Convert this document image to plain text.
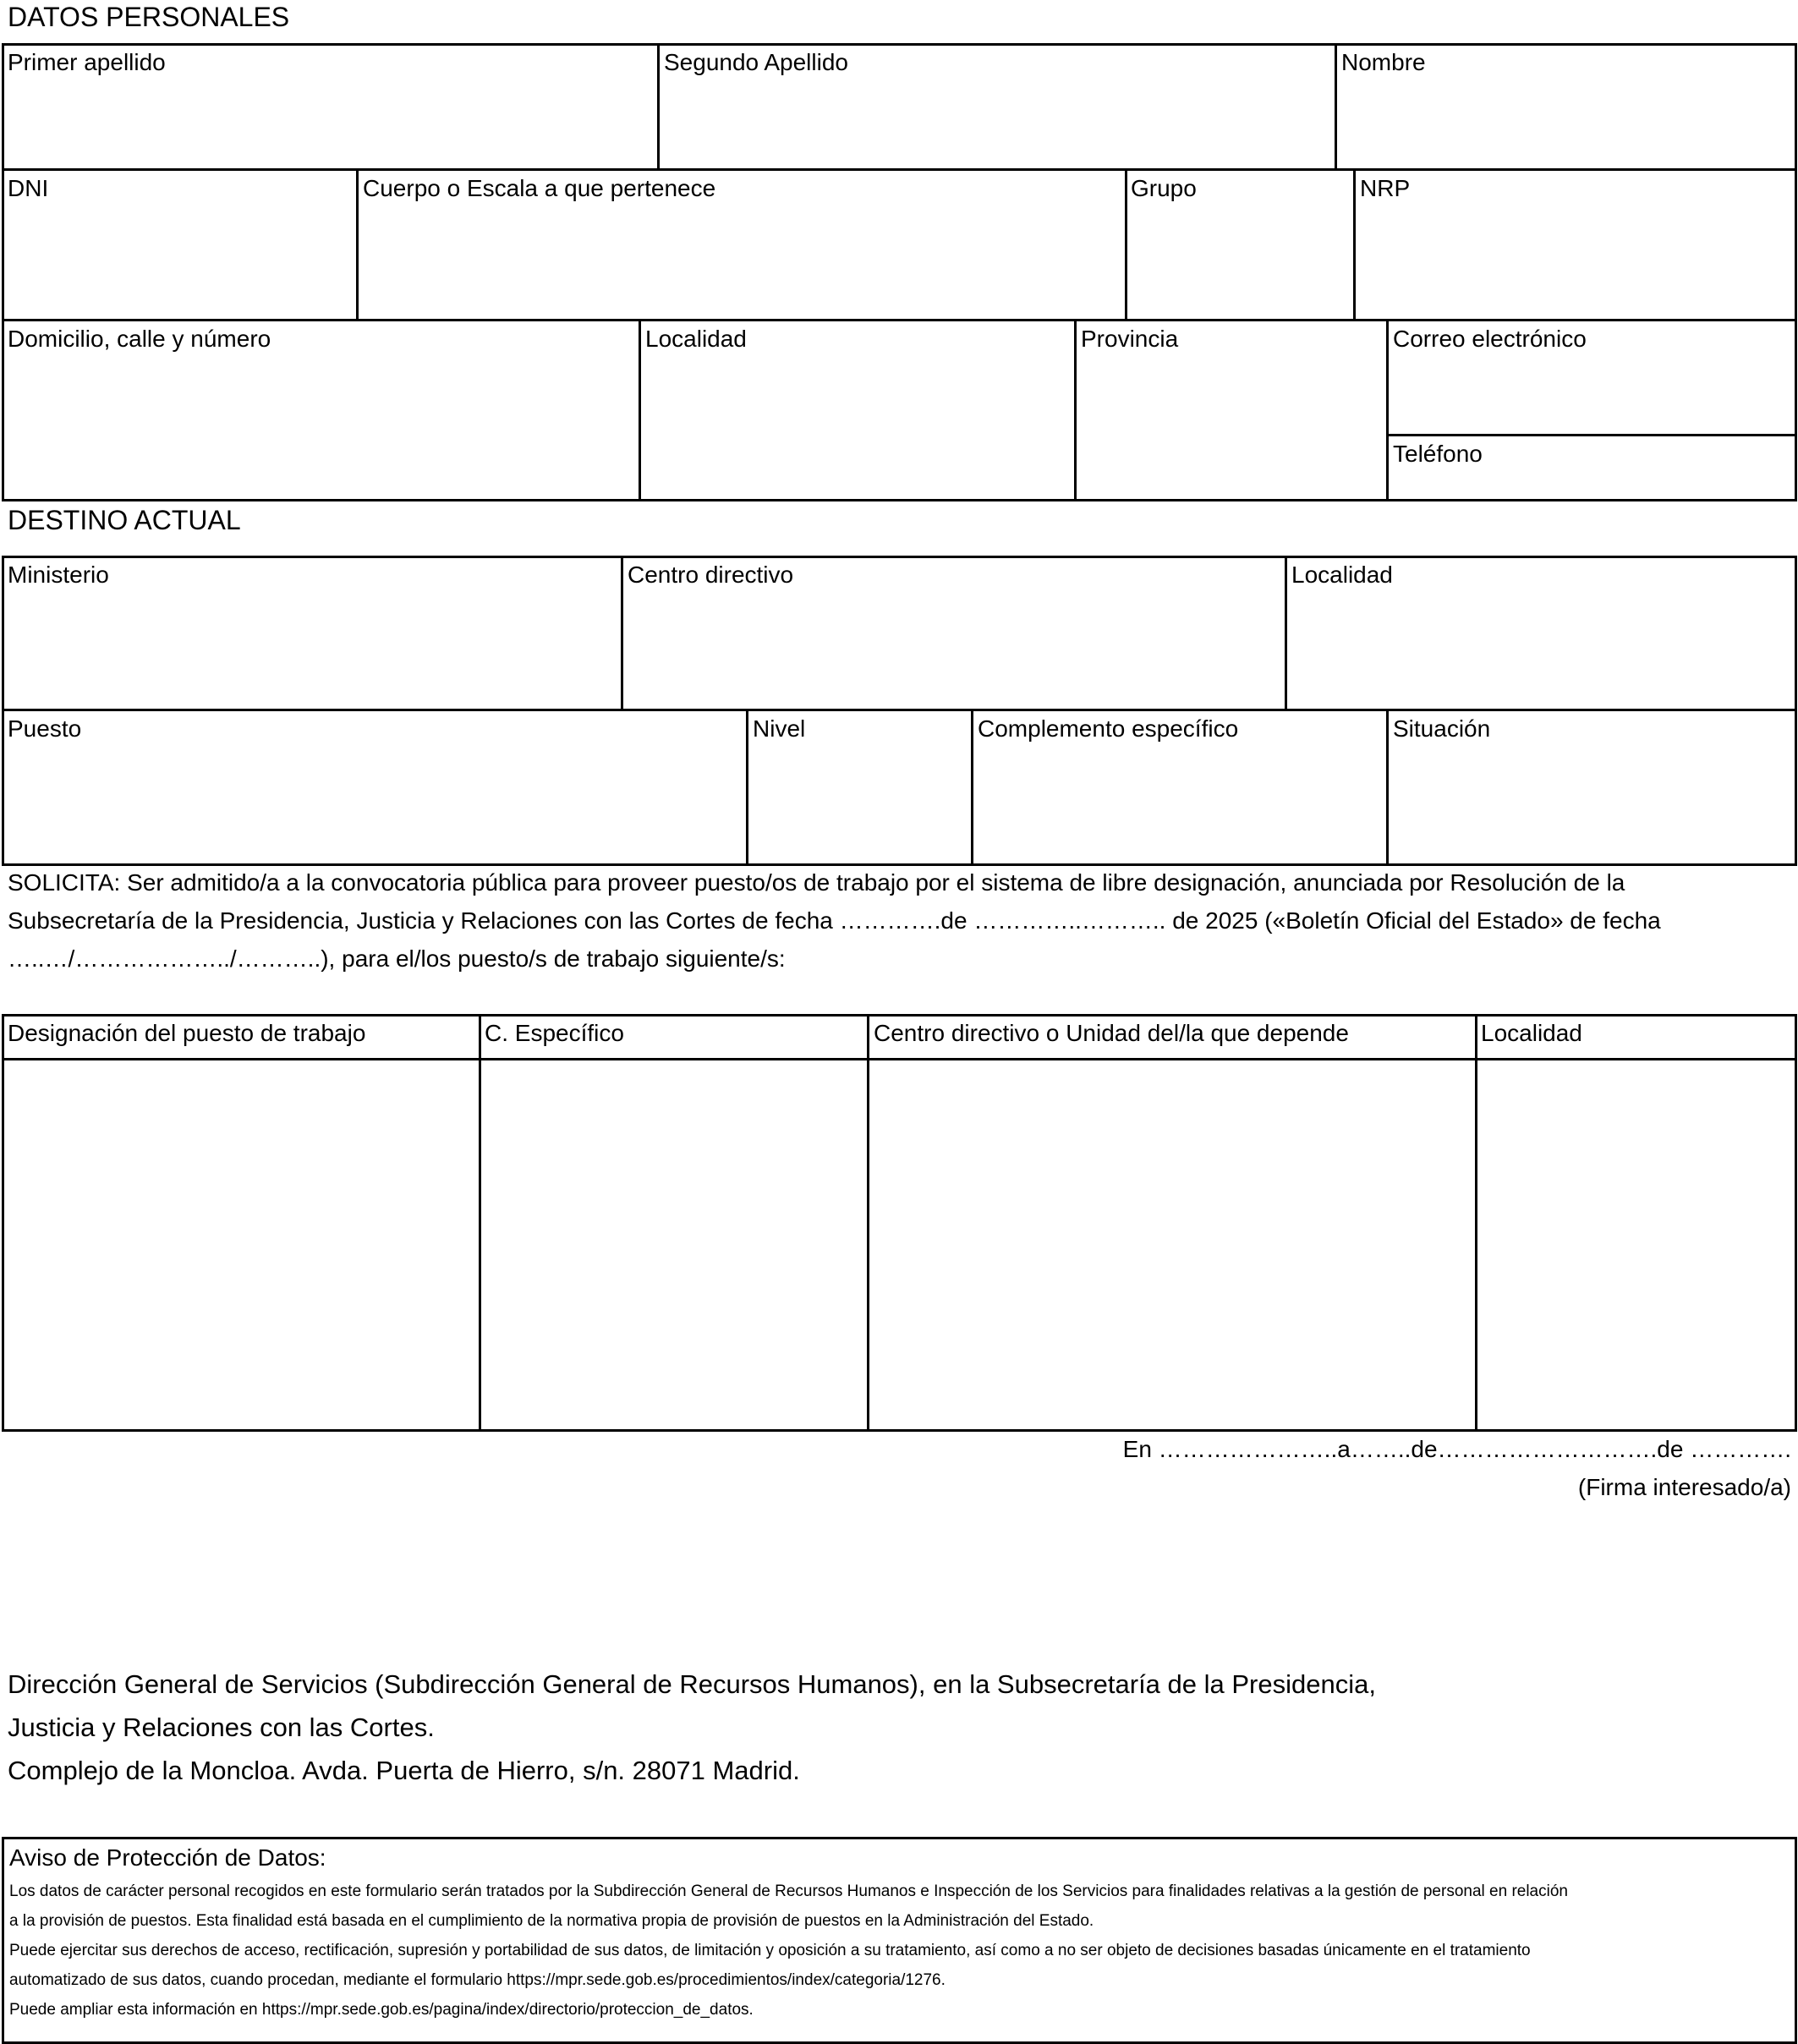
DATOS PERSONALES
Primer apellido	Segundo Apellido	Nombre
DNI	Cuerpo o Escala a que pertenece	Grupo	NRP
Domicilio, calle y número	Localidad	Provincia	Correo electrónico
Teléfono
DESTINO ACTUAL
Ministerio	Centro directivo	Localidad
Puesto	Nivel	Complemento específico	Situación
SOLICITA: Ser admitido/a a la convocatoria pública para proveer puesto/os de trabajo por el sistema de libre designación, anunciada por Resolución de la
Subsecretaría de la Presidencia, Justicia y Relaciones con las Cortes de fecha ………….de …………..……….. de 2025 («Boletín Oficial del Estado» de fecha
…..…/………………../………..), para el/los puesto/s de trabajo siguiente/s:
Designación del puesto de trabajo	C. Específico	Centro directivo o Unidad del/la que depende	Localidad
En …………………..a……..de……………………….de ………….
(Firma interesado/a)
Dirección General de Servicios (Subdirección General de Recursos Humanos), en la Subsecretaría de la Presidencia,
Justicia y Relaciones con las Cortes.
Complejo de la Moncloa. Avda. Puerta de Hierro, s/n. 28071 Madrid.
Aviso de Protección de Datos:
Los datos de carácter personal recogidos en este formulario serán tratados por la Subdirección General de Recursos Humanos e Inspección de los Servicios para finalidades relativas a la gestión de personal en relación
a la provisión de puestos. Esta finalidad está basada en el cumplimiento de la normativa propia de provisión de puestos en la Administración del Estado.
Puede ejercitar sus derechos de acceso, rectificación, supresión y portabilidad de sus datos, de limitación y oposición a su tratamiento, así como a no ser objeto de decisiones basadas únicamente en el tratamiento
automatizado de sus datos, cuando procedan, mediante el formulario https://mpr.sede.gob.es/procedimientos/index/categoria/1276.
Puede ampliar esta información en https://mpr.sede.gob.es/pagina/index/directorio/proteccion_de_datos.
